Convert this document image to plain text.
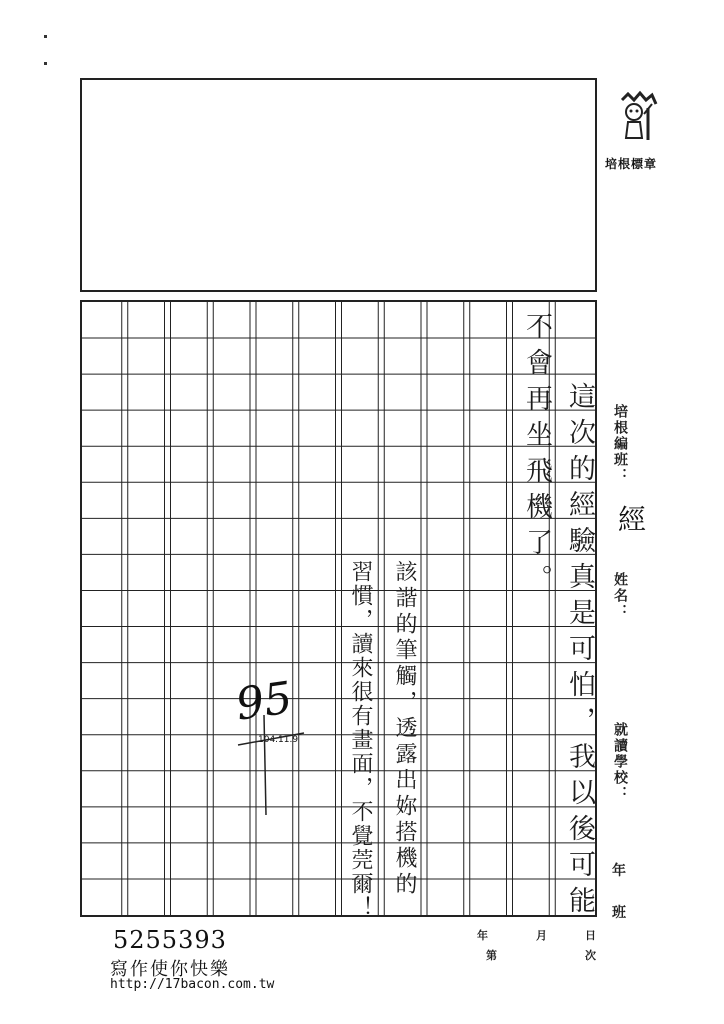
培根標章
這次的經驗真是可怕，我以後可能
不會再坐飛機了。
該諧的筆觸，透露出妳搭機的
習慣，讀來很有畫面，不覺莞爾！
95
104.11.9
培根編班：
經
姓名：
就讀學校：
年
班
年	月	日
第	次
5255393
寫作使你快樂
http://17bacon.com.tw
